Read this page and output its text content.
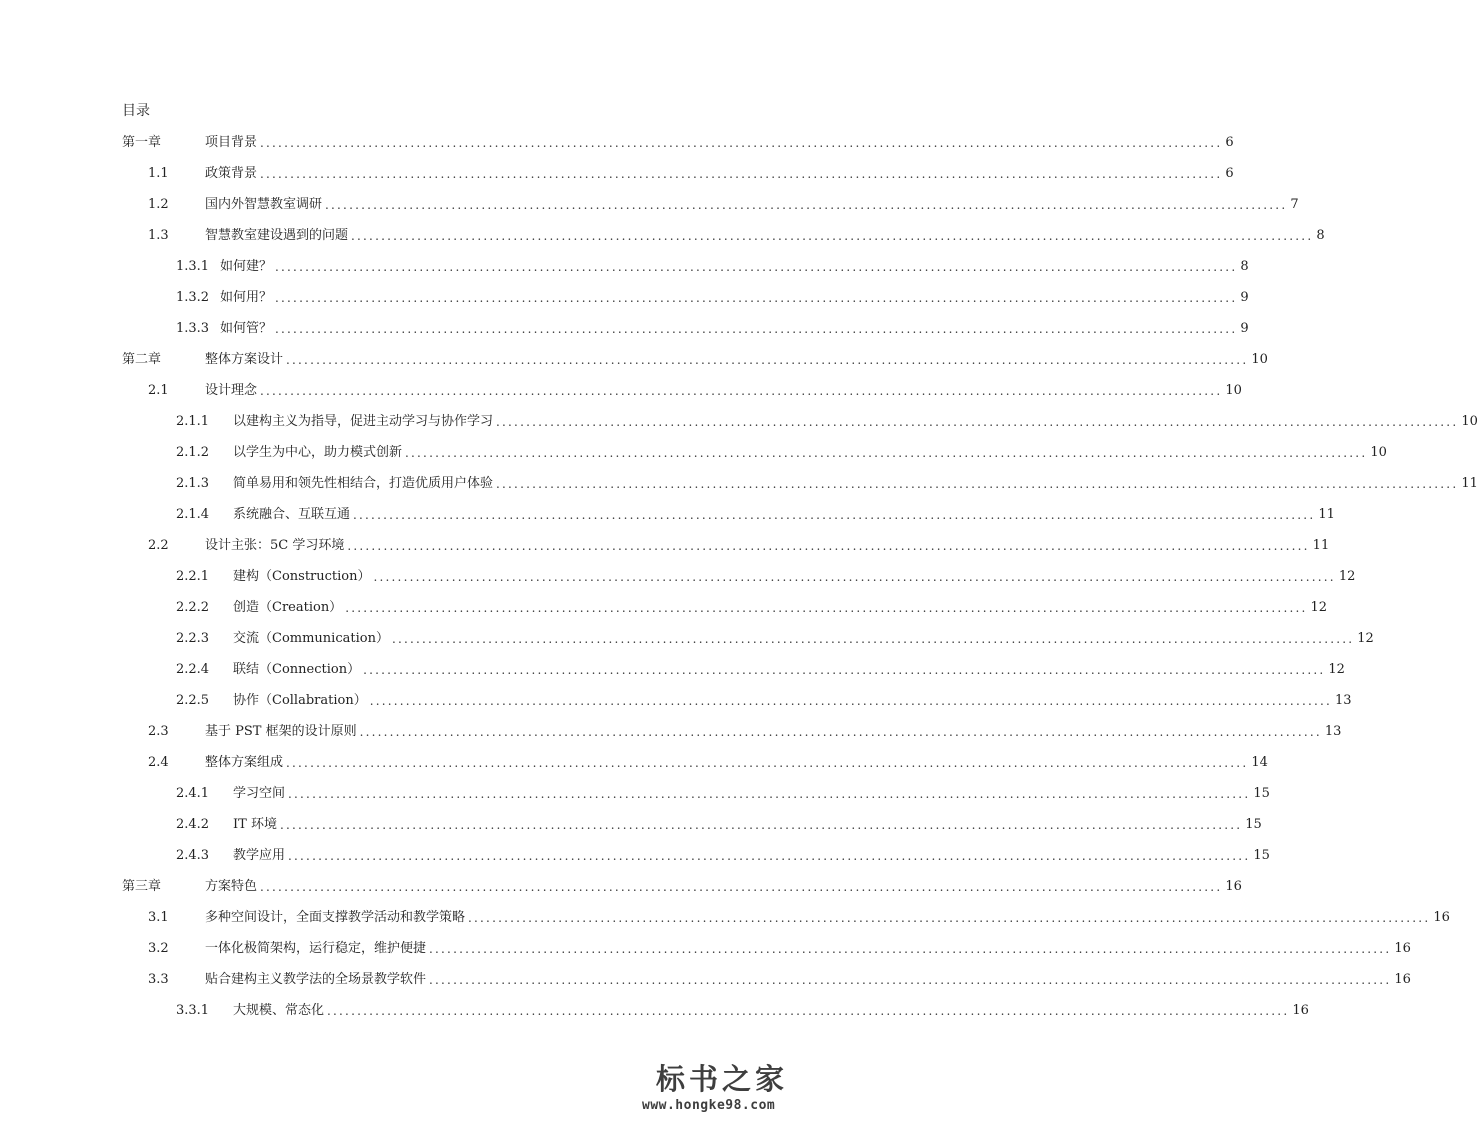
目录
第一章	项目背景 ................................................................................................................................................................ 6
1.1	政策背景 ................................................................................................................................................................ 6
1.2	国内外智慧教室调研 ................................................................................................................................................................ 7
1.3	智慧教室建设遇到的问题 ................................................................................................................................................................ 8
1.3.1 如何建？ ................................................................................................................................................................ 8
1.3.2 如何用？ ................................................................................................................................................................ 9
1.3.3 如何管？ ................................................................................................................................................................ 9
第二章	整体方案设计 ................................................................................................................................................................ 10
2.1	设计理念 ................................................................................................................................................................ 10
2.1.1	以建构主义为指导，促进主动学习与协作学习 ................................................................................................................................................................ 10
2.1.2	以学生为中心，助力模式创新 ................................................................................................................................................................ 10
2.1.3	简单易用和领先性相结合，打造优质用户体验 ................................................................................................................................................................ 11
2.1.4	系统融合、互联互通 ................................................................................................................................................................ 11
2.2	设计主张：5C 学习环境 ................................................................................................................................................................ 11
2.2.1	建构（Construction） ................................................................................................................................................................ 12
2.2.2	创造（Creation） ................................................................................................................................................................ 12
2.2.3	交流（Communication） ................................................................................................................................................................ 12
2.2.4	联结（Connection） ................................................................................................................................................................ 12
2.2.5	协作（Collabration） ................................................................................................................................................................ 13
2.3	基于 PST 框架的设计原则 ................................................................................................................................................................ 13
2.4	整体方案组成 ................................................................................................................................................................ 14
2.4.1	学习空间 ................................................................................................................................................................ 15
2.4.2	IT 环境 ................................................................................................................................................................ 15
2.4.3	教学应用 ................................................................................................................................................................ 15
第三章	方案特色 ................................................................................................................................................................ 16
3.1	多种空间设计，全面支撑教学活动和教学策略 ................................................................................................................................................................ 16
3.2	一体化极简架构，运行稳定，维护便捷 ................................................................................................................................................................ 16
3.3	贴合建构主义教学法的全场景教学软件 ................................................................................................................................................................ 16
3.3.1	大规模、常态化 ................................................................................................................................................................ 16
标书之家
www.hongke98.com
